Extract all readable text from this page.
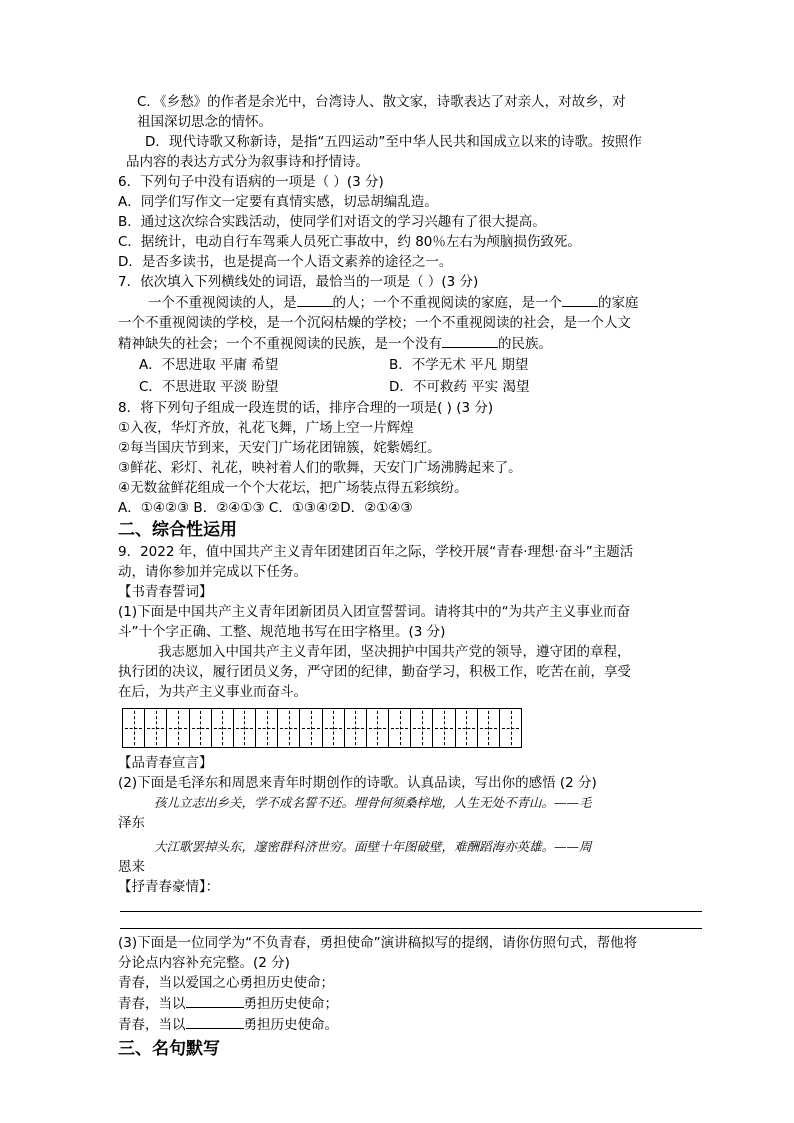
C．《乡愁》的作者是余光中，台湾诗人、散文家，诗歌表达了对亲人，对故乡，对
祖国深切思念的情怀。
D．现代诗歌又称新诗，是指“五四运动”至中华人民共和国成立以来的诗歌。按照作
品内容的表达方式分为叙事诗和抒情诗。
6．下列句子中没有语病的一项是（ ）(3 分)
A．同学们写作文一定要有真情实感，切忌胡编乱造。
B．通过这次综合实践活动，使同学们对语文的学习兴趣有了很大提高。
C．据统计，电动自行车驾乘人员死亡事故中，约 80％左右为颅脑损伤致死。
D．是否多读书，也是提高一个人语文素养的途径之一。
7．依次填入下列横线处的词语，最恰当的一项是（ ）(3 分)
一个不重视阅读的人，是	的人；一个不重视阅读的家庭，是一个	的家庭
一个不重视阅读的学校，是一个沉闷枯燥的学校；一个不重视阅读的社会，是一个人文
精神缺失的社会；一个不重视阅读的民族，是一个没有	的民族。
A．不思进取 平庸 希望	B．不学无术 平凡 期望
C．不思进取 平淡 盼望	D．不可救药 平实 渴望
8．将下列句子组成一段连贯的话，排序合理的一项是( ) (3 分)
①入夜，华灯齐放，礼花飞舞，广场上空一片辉煌
②每当国庆节到来，天安门广场花团锦簇，姹紫嫣红。
③鲜花、彩灯、礼花，映衬着人们的歌舞，天安门广场沸腾起来了。
④无数盆鲜花组成一个个大花坛，把广场装点得五彩缤纷。
A．①④②③ B．②④①③ C．①③④②D．②①④③
二、综合性运用
9．2022 年，值中国共产主义青年团建团百年之际，学校开展“青春·理想·奋斗”主题活
动，请你参加并完成以下任务。
【书青春誓词】
(1)下面是中国共产主义青年团新团员入团宣誓誓词。请将其中的“为共产主义事业而奋
斗”十个字正确、工整、规范地书写在田字格里。(3 分)
我志愿加入中国共产主义青年团，坚决拥护中国共产党的领导，遵守团的章程，
执行团的决议，履行团员义务，严守团的纪律，勤奋学习，积极工作，吃苦在前，享受
在后，为共产主义事业而奋斗。
【品青春宣言】
(2)下面是毛泽东和周恩来青年时期创作的诗歌。认真品读，写出你的感悟 (2 分)
孩儿立志出乡关，学不成名誓不还。埋骨何须桑梓地，人生无处不青山。——毛
泽东
大江歌罢掉头东，邃密群科济世穷。面壁十年图破壁，难酬蹈海亦英雄。——周
恩来
【抒青春豪情】：
(3)下面是一位同学为“不负青春，勇担使命”演讲稿拟写的提纲，请你仿照句式，帮他将
分论点内容补充完整。(2 分)
青春，当以爱国之心勇担历史使命；
青春，当以	勇担历史使命；
青春，当以	勇担历史使命。
三、名句默写
